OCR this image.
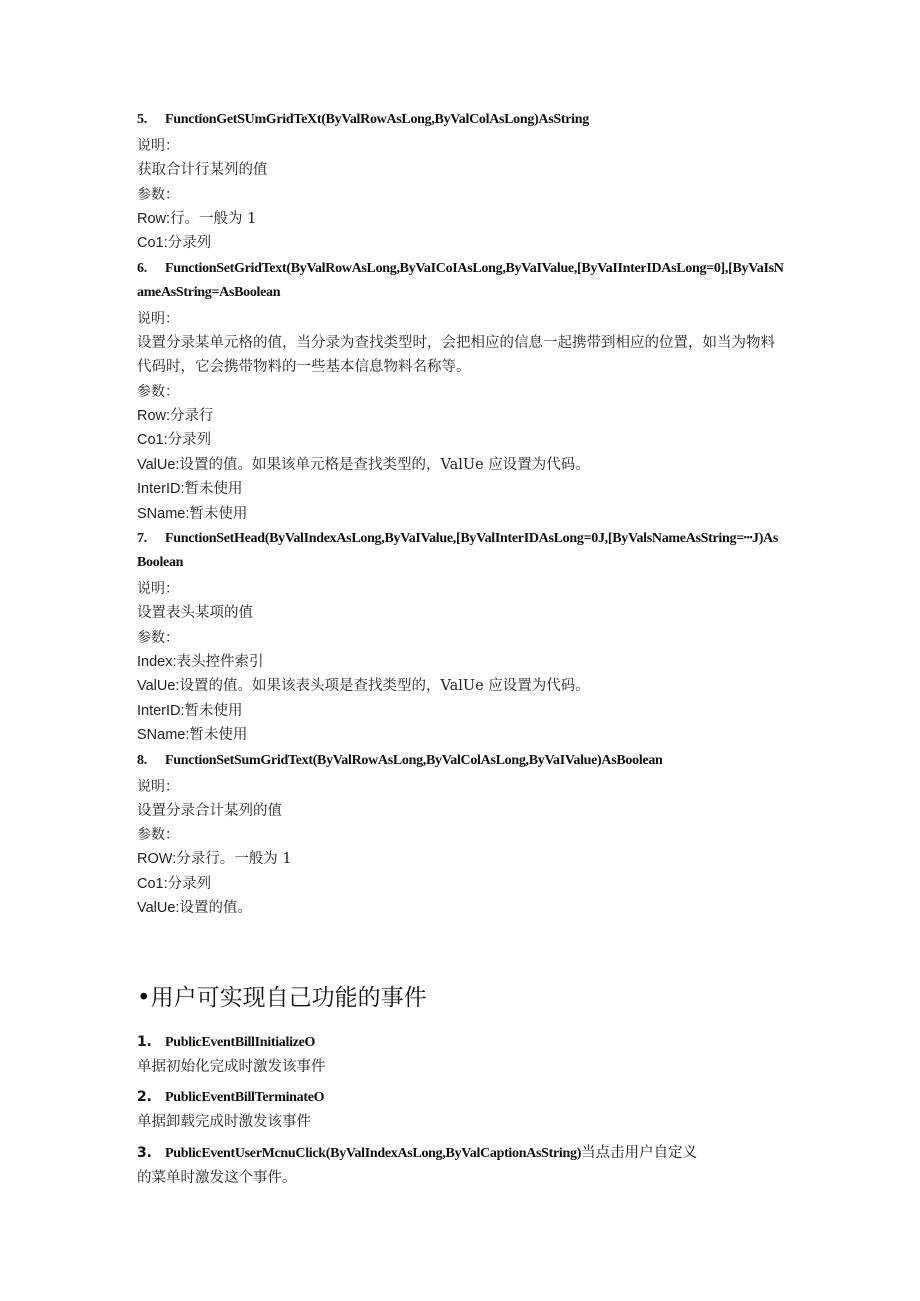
5. FunctionGetSUmGridTeXt(ByValRowAsLong,ByValColAsLong)AsString
说明：
获取合计行某列的值
参数：
Row:行。一般为 1
Co1:分录列
6. FunctionSetGridText(ByValRowAsLong,ByVaICoIAsLong,ByVaIValue,[ByVaIInterIDAsLong=0],[ByVaIsNameAsString=AsBoolean
说明：
设置分录某单元格的值，当分录为查找类型时，会把相应的信息一起携带到相应的位置，如当为物料代码时，它会携带物料的一些基本信息物料名称等。
参数：
Row:分录行
Co1:分录列
ValUe:设置的值。如果该单元格是查找类型的，ValUe 应设置为代码。
InterID:暂未使用
SName:暂未使用
7. FunctionSetHead(ByValIndexAsLong,ByVaIValue,[ByValInterIDAsLong=0J,[ByValsNameAsString=┅J)AsBoolean
说明：
设置表头某项的值
参数：
Index:表头控件索引
ValUe:设置的值。如果该表头项是查找类型的，ValUe 应设置为代码。
InterID:暂未使用
SName:暂未使用
8. FunctionSetSumGridText(ByValRowAsLong,ByValColAsLong,ByVaIValue)AsBoolean
说明：
设置分录合计某列的值
参数：
ROW:分录行。一般为 1
Co1:分录列
ValUe:设置的值。
•用户可实现自己功能的事件
1. PublicEventBillInitializeO
单据初始化完成时激发该事件
2. PublicEventBillTerminateO
单据卸载完成时激发该事件
3. PublicEventUserMcnuClick(ByValIndexAsLong,ByValCaptionAsString)当点击用户自定义
的菜单时激发这个事件。
